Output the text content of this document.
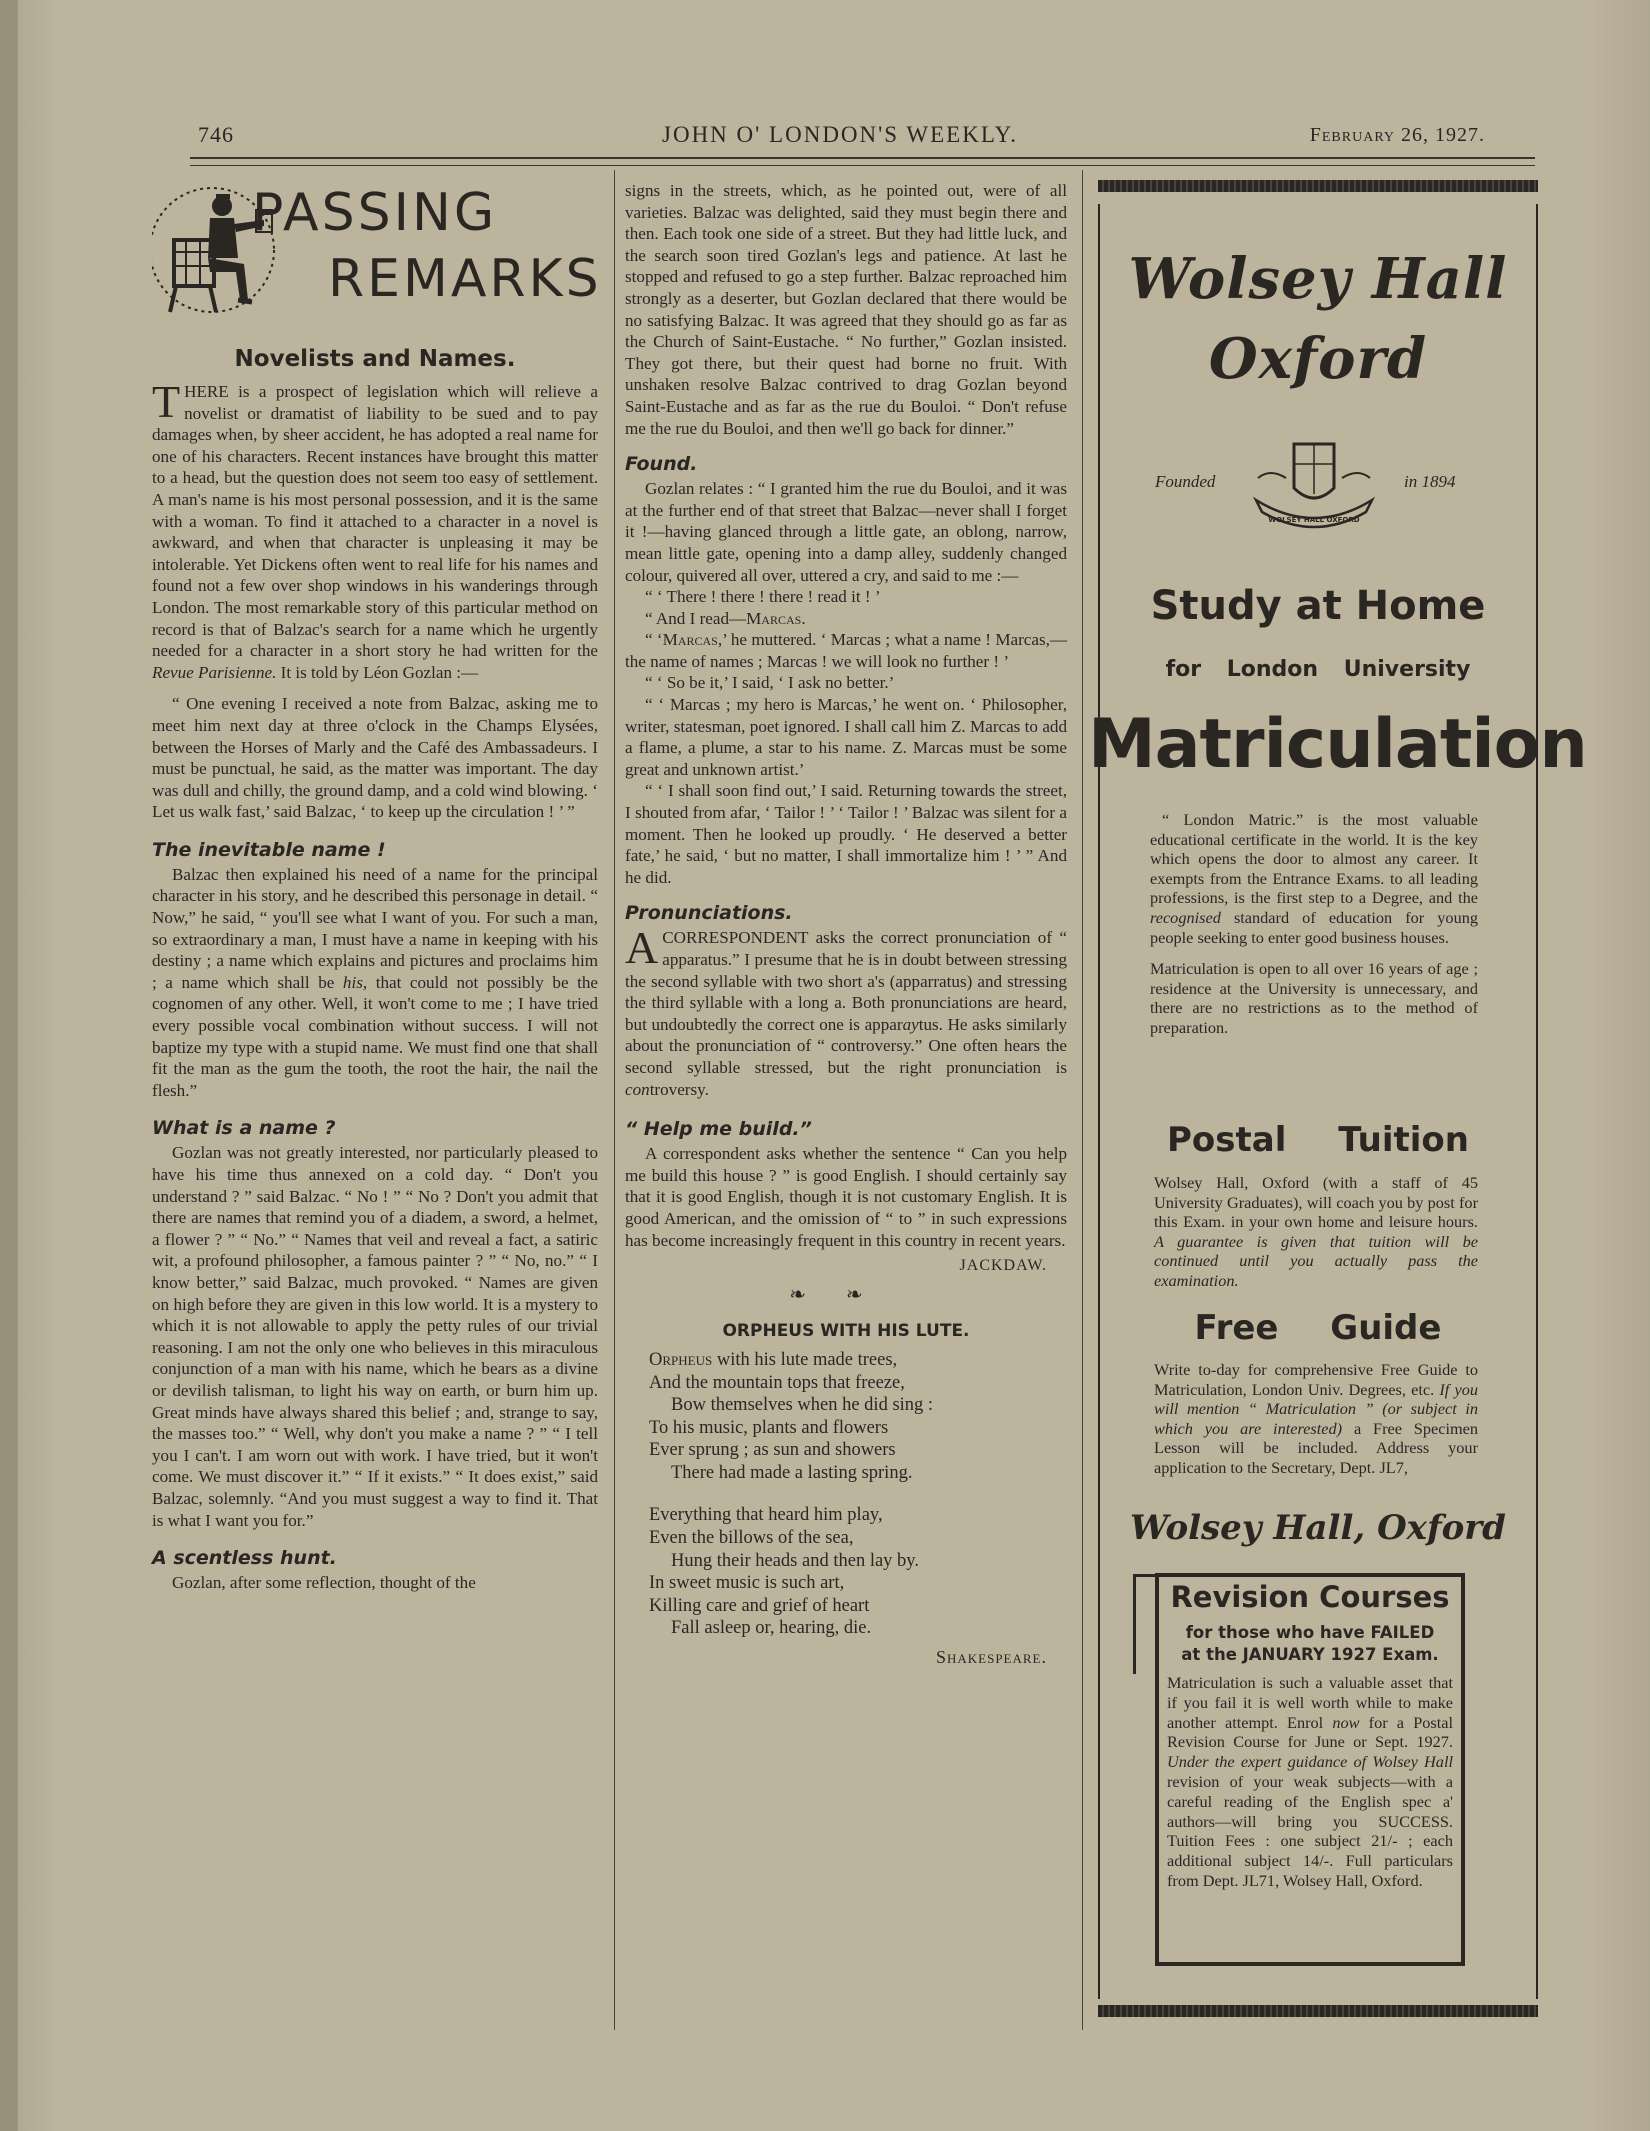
746	JOHN O' LONDON'S WEEKLY.	February 26, 1927.
PASSING
REMARKS
Novelists and Names.

THERE is a prospect of legislation which will relieve a novelist or dramatist of liability to be sued and to pay damages when, by sheer accident, he has adopted a real name for one of his characters. Recent instances have brought this matter to a head, but the question does not seem too easy of settlement. A man's name is his most personal possession, and it is the same with a woman. To find it attached to a character in a novel is awkward, and when that character is unpleasing it may be intolerable. Yet Dickens often went to real life for his names and found not a few over shop windows in his wanderings through London. The most remarkable story of this particular method on record is that of Balzac's search for a name which he urgently needed for a character in a short story he had written for the Revue Parisienne. It is told by Léon Gozlan :—

“ One evening I received a note from Balzac, asking me to meet him next day at three o'clock in the Champs Elysées, between the Horses of Marly and the Café des Ambassadeurs. I must be punctual, he said, as the matter was important. The day was dull and chilly, the ground damp, and a cold wind blowing. ‘ Let us walk fast,’ said Balzac, ‘ to keep up the circulation ! ’ ”

The inevitable name !

Balzac then explained his need of a name for the principal character in his story, and he described this personage in detail. “ Now,” he said, “ you'll see what I want of you. For such a man, so extraordinary a man, I must have a name in keeping with his destiny ; a name which explains and pictures and proclaims him ; a name which shall be his, that could not possibly be the cognomen of any other. Well, it won't come to me ; I have tried every possible vocal combination without success. I will not baptize my type with a stupid name. We must find one that shall fit the man as the gum the tooth, the root the hair, the nail the flesh.”

What is a name ?

Gozlan was not greatly interested, nor particularly pleased to have his time thus annexed on a cold day. “ Don't you understand ? ” said Balzac. “ No ! ” “ No ? Don't you admit that there are names that remind you of a diadem, a sword, a helmet, a flower ? ” “ No.” “ Names that veil and reveal a fact, a satiric wit, a profound philosopher, a famous painter ? ” “ No, no.” “ I know better,” said Balzac, much provoked. “ Names are given on high before they are given in this low world. It is a mystery to which it is not allowable to apply the petty rules of our trivial reasoning. I am not the only one who believes in this miraculous conjunction of a man with his name, which he bears as a divine or devilish talisman, to light his way on earth, or burn him up. Great minds have always shared this belief ; and, strange to say, the masses too.” “ Well, why don't you make a name ? ” “ I tell you I can't. I am worn out with work. I have tried, but it won't come. We must discover it.” “ If it exists.” “ It does exist,” said Balzac, solemnly. “And you must suggest a way to find it. That is what I want you for.”

A scentless hunt.

Gozlan, after some reflection, thought of the

signs in the streets, which, as he pointed out, were of all varieties. Balzac was delighted, said they must begin there and then. Each took one side of a street. But they had little luck, and the search soon tired Gozlan's legs and patience. At last he stopped and refused to go a step further. Balzac reproached him strongly as a deserter, but Gozlan declared that there would be no satisfying Balzac. It was agreed that they should go as far as the Church of Saint-Eustache. “ No further,” Gozlan insisted. They got there, but their quest had borne no fruit. With unshaken resolve Balzac contrived to drag Gozlan beyond Saint-Eustache and as far as the rue du Bouloi. “ Don't refuse me the rue du Bouloi, and then we'll go back for dinner.”

Found.

Gozlan relates : “ I granted him the rue du Bouloi, and it was at the further end of that street that Balzac—never shall I forget it !—having glanced through a little gate, an oblong, narrow, mean little gate, opening into a damp alley, suddenly changed colour, quivered all over, uttered a cry, and said to me :—

“ ‘ There ! there ! there ! read it ! ’

“ And I read—Marcas.

“ ‘Marcas,’ he muttered. ‘ Marcas ; what a name ! Marcas,—the name of names ; Marcas ! we will look no further ! ’

“ ‘ So be it,’ I said, ‘ I ask no better.’

“ ‘ Marcas ; my hero is Marcas,’ he went on. ‘ Philosopher, writer, statesman, poet ignored. I shall call him Z. Marcas to add a flame, a plume, a star to his name. Z. Marcas must be some great and unknown artist.’

“ ‘ I shall soon find out,’ I said. Returning towards the street, I shouted from afar, ‘ Tailor ! ’ ‘ Tailor ! ’ Balzac was silent for a moment. Then he looked up proudly. ‘ He deserved a better fate,’ he said, ‘ but no matter, I shall immortalize him ! ’ ” And he did.

Pronunciations.

ACORRESPONDENT asks the correct pronunciation of “ apparatus.” I presume that he is in doubt between stressing the second syllable with two short a's (apparratus) and stressing the third syllable with a long a. Both pronunciations are heard, but undoubtedly the correct one is apparaytus. He asks similarly about the pronunciation of “ controversy.” One often hears the second syllable stressed, but the right pronunciation is controversy.

“ Help me build.”

A correspondent asks whether the sentence “ Can you help me build this house ? ” is good English. I should certainly say that it is good English, though it is not customary English. It is good American, and the omission of “ to ” in such expressions has become increasingly frequent in this country in recent years.

JACKDAW.
❧❧
ORPHEUS WITH HIS LUTE.
Orpheus with his lute made trees,
And the mountain tops that freeze,
Bow themselves when he did sing :
To his music, plants and flowers
Ever sprung ; as sun and showers
There had made a lasting spring.
Everything that heard him play,
Even the billows of the sea,
Hung their heads and then lay by.
In sweet music is such art,
Killing care and grief of heart
Fall asleep or, hearing, die.
Shakespeare.
Wolsey Hall
Oxford
Founded	in 1894
WOLSEY HALL OXFORD
Study at Home
for London University
Matriculation
“ London Matric.” is the most valuable educational certificate in the world. It is the key which opens the door to almost any career. It exempts from the Entrance Exams. to all leading professions, is the first step to a Degree, and the recognised standard of education for young people seeking to enter good business houses.
Matriculation is open to all over 16 years of age ; residence at the University is unnecessary, and there are no restrictions as to the method of preparation.
Postal Tuition
Wolsey Hall, Oxford (with a staff of 45 University Graduates), will coach you by post for this Exam. in your own home and leisure hours. A guarantee is given that tuition will be continued until you actually pass the examination.
Free Guide
Write to-day for comprehensive Free Guide to Matriculation, London Univ. Degrees, etc. If you will mention “ Matriculation ” (or subject in which you are interested) a Free Specimen Lesson will be included. Address your application to the Secretary, Dept. JL7,
Wolsey Hall, Oxford
Revision Courses
for those who have FAILED
at the JANUARY 1927 Exam.
Matriculation is such a valuable asset that if you fail it is well worth while to make another attempt. Enrol now for a Postal Revision Course for June or Sept. 1927. Under the expert guidance of Wolsey Hall revision of your weak subjects—with a careful reading of the English spec a' authors—will bring you SUCCESS. Tuition Fees : one subject 21/- ; each additional subject 14/-. Full particulars from Dept. JL71, Wolsey Hall, Oxford.
